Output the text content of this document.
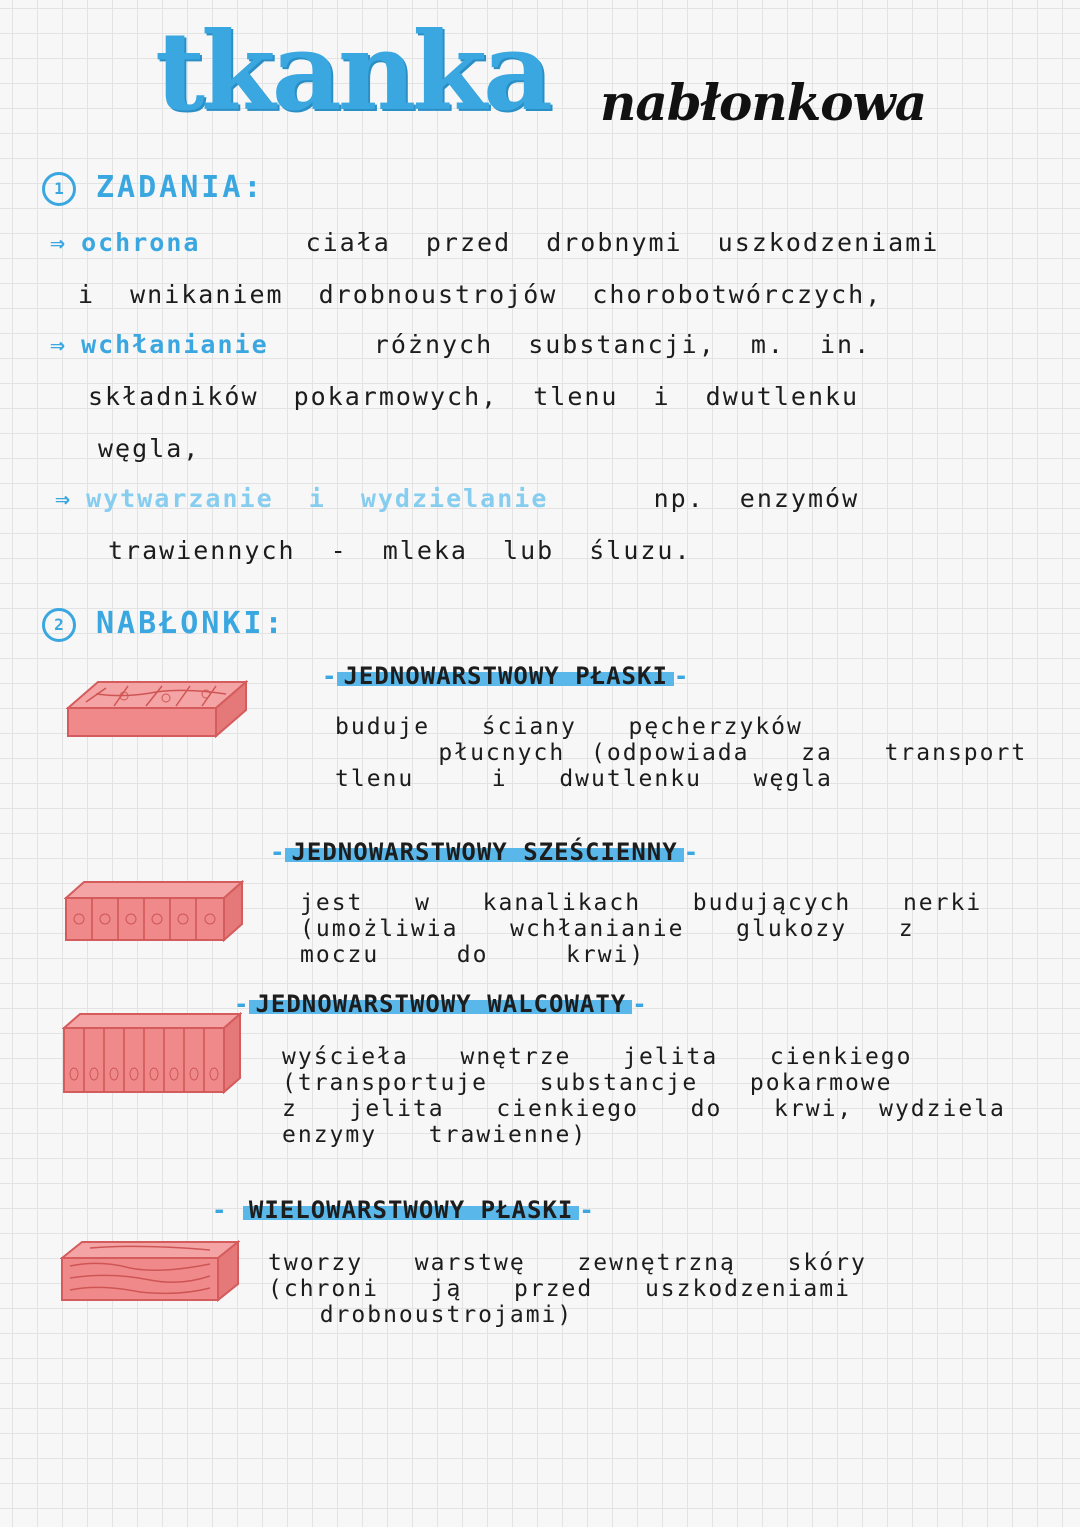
tkanka nabłonkowa
1 ZADANIA:
⇒ ochrona	ciała przed drobnymi uszkodzeniami
i wnikaniem drobnoustrojów chorobotwórczych,
⇒ wchłanianie	różnych substancji, m. in.
składników pokarmowych, tlenu i dwutlenku
węgla,
⇒ wytwarzanie i wydzielanie	np. enzymów
trawiennych - mleka lub śluzu.
2 NABŁONKI:
- JEDNOWARSTWOWY PŁASKI -
buduje  ściany  pęcherzyków
płucnych (odpowiada  za  transport
tlenu   i  dwutlenku  węgla
- JEDNOWARSTWOWY SZEŚCIENNY -
jest  w  kanalikach  budujących  nerki
(umożliwia  wchłanianie  glukozy  z
moczu   do   krwi)
- JEDNOWARSTWOWY WALCOWATY -
wyścieła  wnętrze  jelita  cienkiego
(transportuje  substancje  pokarmowe
z  jelita  cienkiego  do  krwi, wydziela
enzymy  trawienne)
- WIELOWARSTWOWY PŁASKI -
tworzy  warstwę  zewnętrzną  skóry
(chroni  ją  przed  uszkodzeniami
drobnoustrojami)
